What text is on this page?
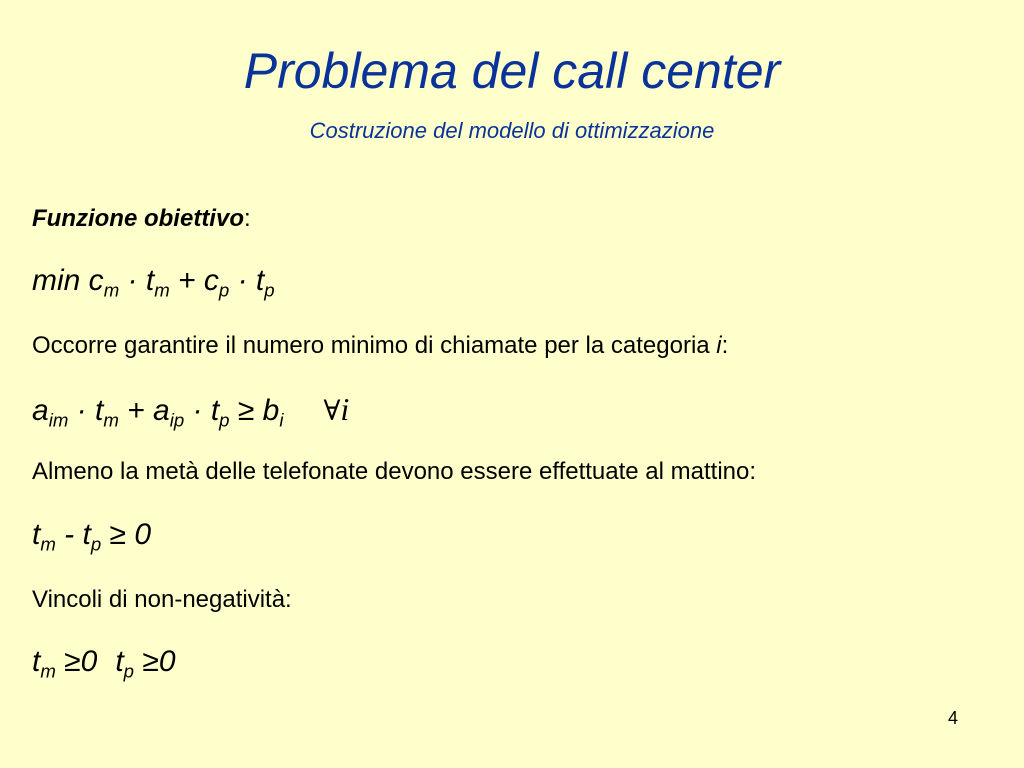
Problema del call center
Costruzione del modello di ottimizzazione
Funzione obiettivo:
$\min c_m \cdot t_m + c_p \cdot t_p$
Occorre garantire il numero minimo di chiamate per la categoria i:
$a_{im} \cdot t_m + a_{ip} \cdot t_p \ge b_i$ ∀i
Almeno la metà delle telefonate devono essere effettuate al mattino:
$t_m - t_p \ge 0$
Vincoli di non-negatività:
$t_m \ge 0$ $t_p \ge 0$
4
